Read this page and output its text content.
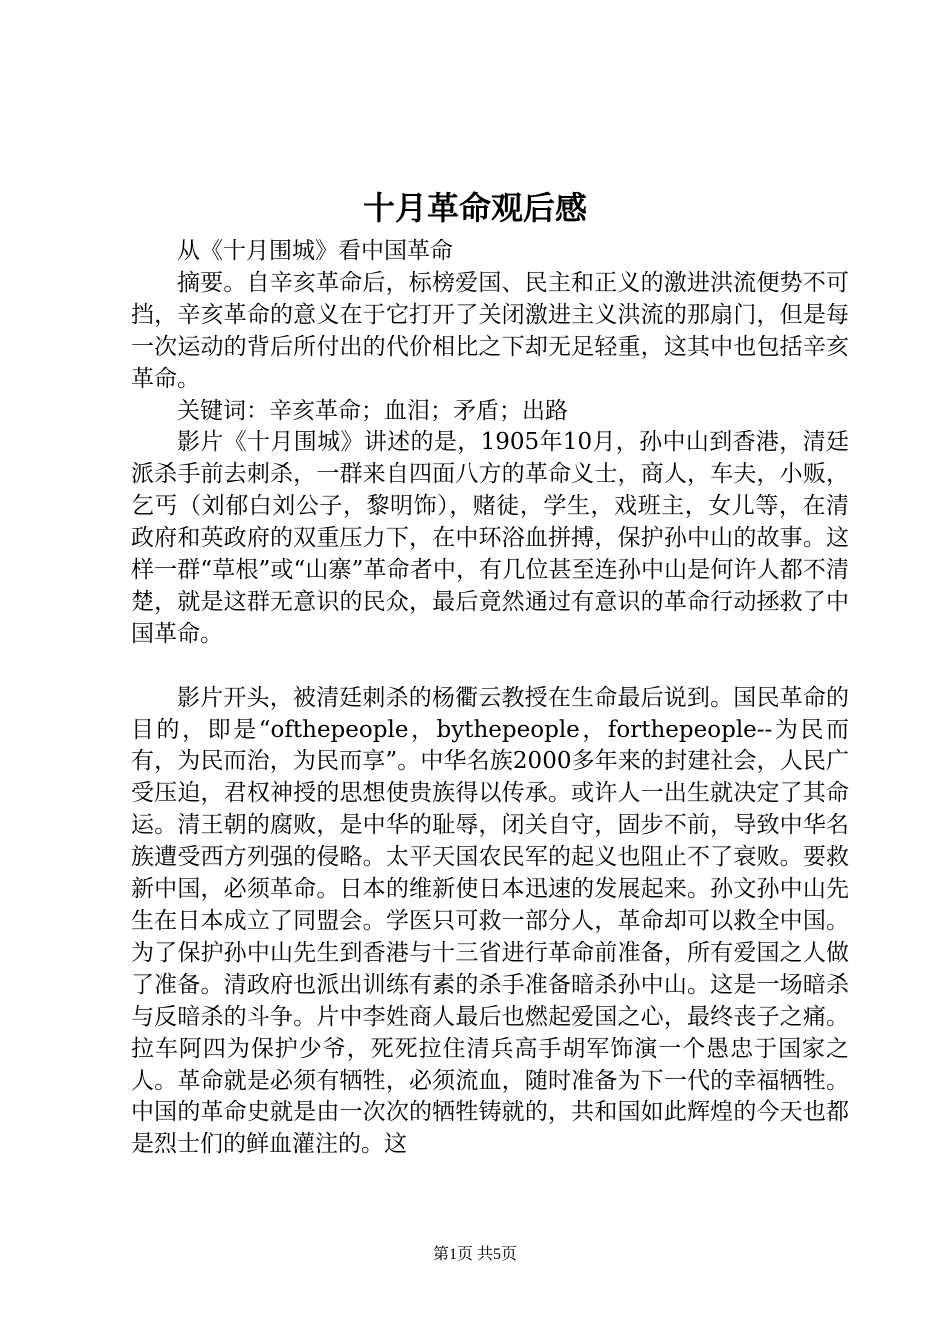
十月革命观后感

从《十月围城》看中国革命

摘要。自辛亥革命后，标榜爱国、民主和正义的激进洪流便势不可挡，辛亥革命的意义在于它打开了关闭激进主义洪流的那扇门，但是每一次运动的背后所付出的代价相比之下却无足轻重，这其中也包括辛亥革命。

关键词：辛亥革命；血泪；矛盾；出路

影片《十月围城》讲述的是，1905年10月，孙中山到香港，清廷派杀手前去刺杀，一群来自四面八方的革命义士，商人，车夫，小贩，乞丐（刘郁白刘公子，黎明饰），赌徒，学生，戏班主，女儿等，在清政府和英政府的双重压力下，在中环浴血拼搏，保护孙中山的故事。这样一群“草根”或“山寨”革命者中，有几位甚至连孙中山是何许人都不清楚，就是这群无意识的民众，最后竟然通过有意识的革命行动拯救了中国革命。

影片开头，被清廷刺杀的杨衢云教授在生命最后说到。国民革命的目的，即是“ofthepeople，bythepeople，forthepeople--为民而有，为民而治，为民而享”。中华名族2000多年来的封建社会，人民广受压迫，君权神授的思想使贵族得以传承。或许人一出生就决定了其命运。清王朝的腐败，是中华的耻辱，闭关自守，固步不前，导致中华名族遭受西方列强的侵略。太平天国农民军的起义也阻止不了衰败。要救新中国，必须革命。日本的维新使日本迅速的发展起来。孙文孙中山先生在日本成立了同盟会。学医只可救一部分人，革命却可以救全中国。为了保护孙中山先生到香港与十三省进行革命前准备，所有爱国之人做了准备。清政府也派出训练有素的杀手准备暗杀孙中山。这是一场暗杀与反暗杀的斗争。片中李姓商人最后也燃起爱国之心，最终丧子之痛。拉车阿四为保护少爷，死死拉住清兵高手胡军饰演一个愚忠于国家之人。革命就是必须有牺牲，必须流血，随时准备为下一代的幸福牺牲。中国的革命史就是由一次次的牺牲铸就的，共和国如此辉煌的今天也都是烈士们的鲜血灌注的。这

第1页 共5页
